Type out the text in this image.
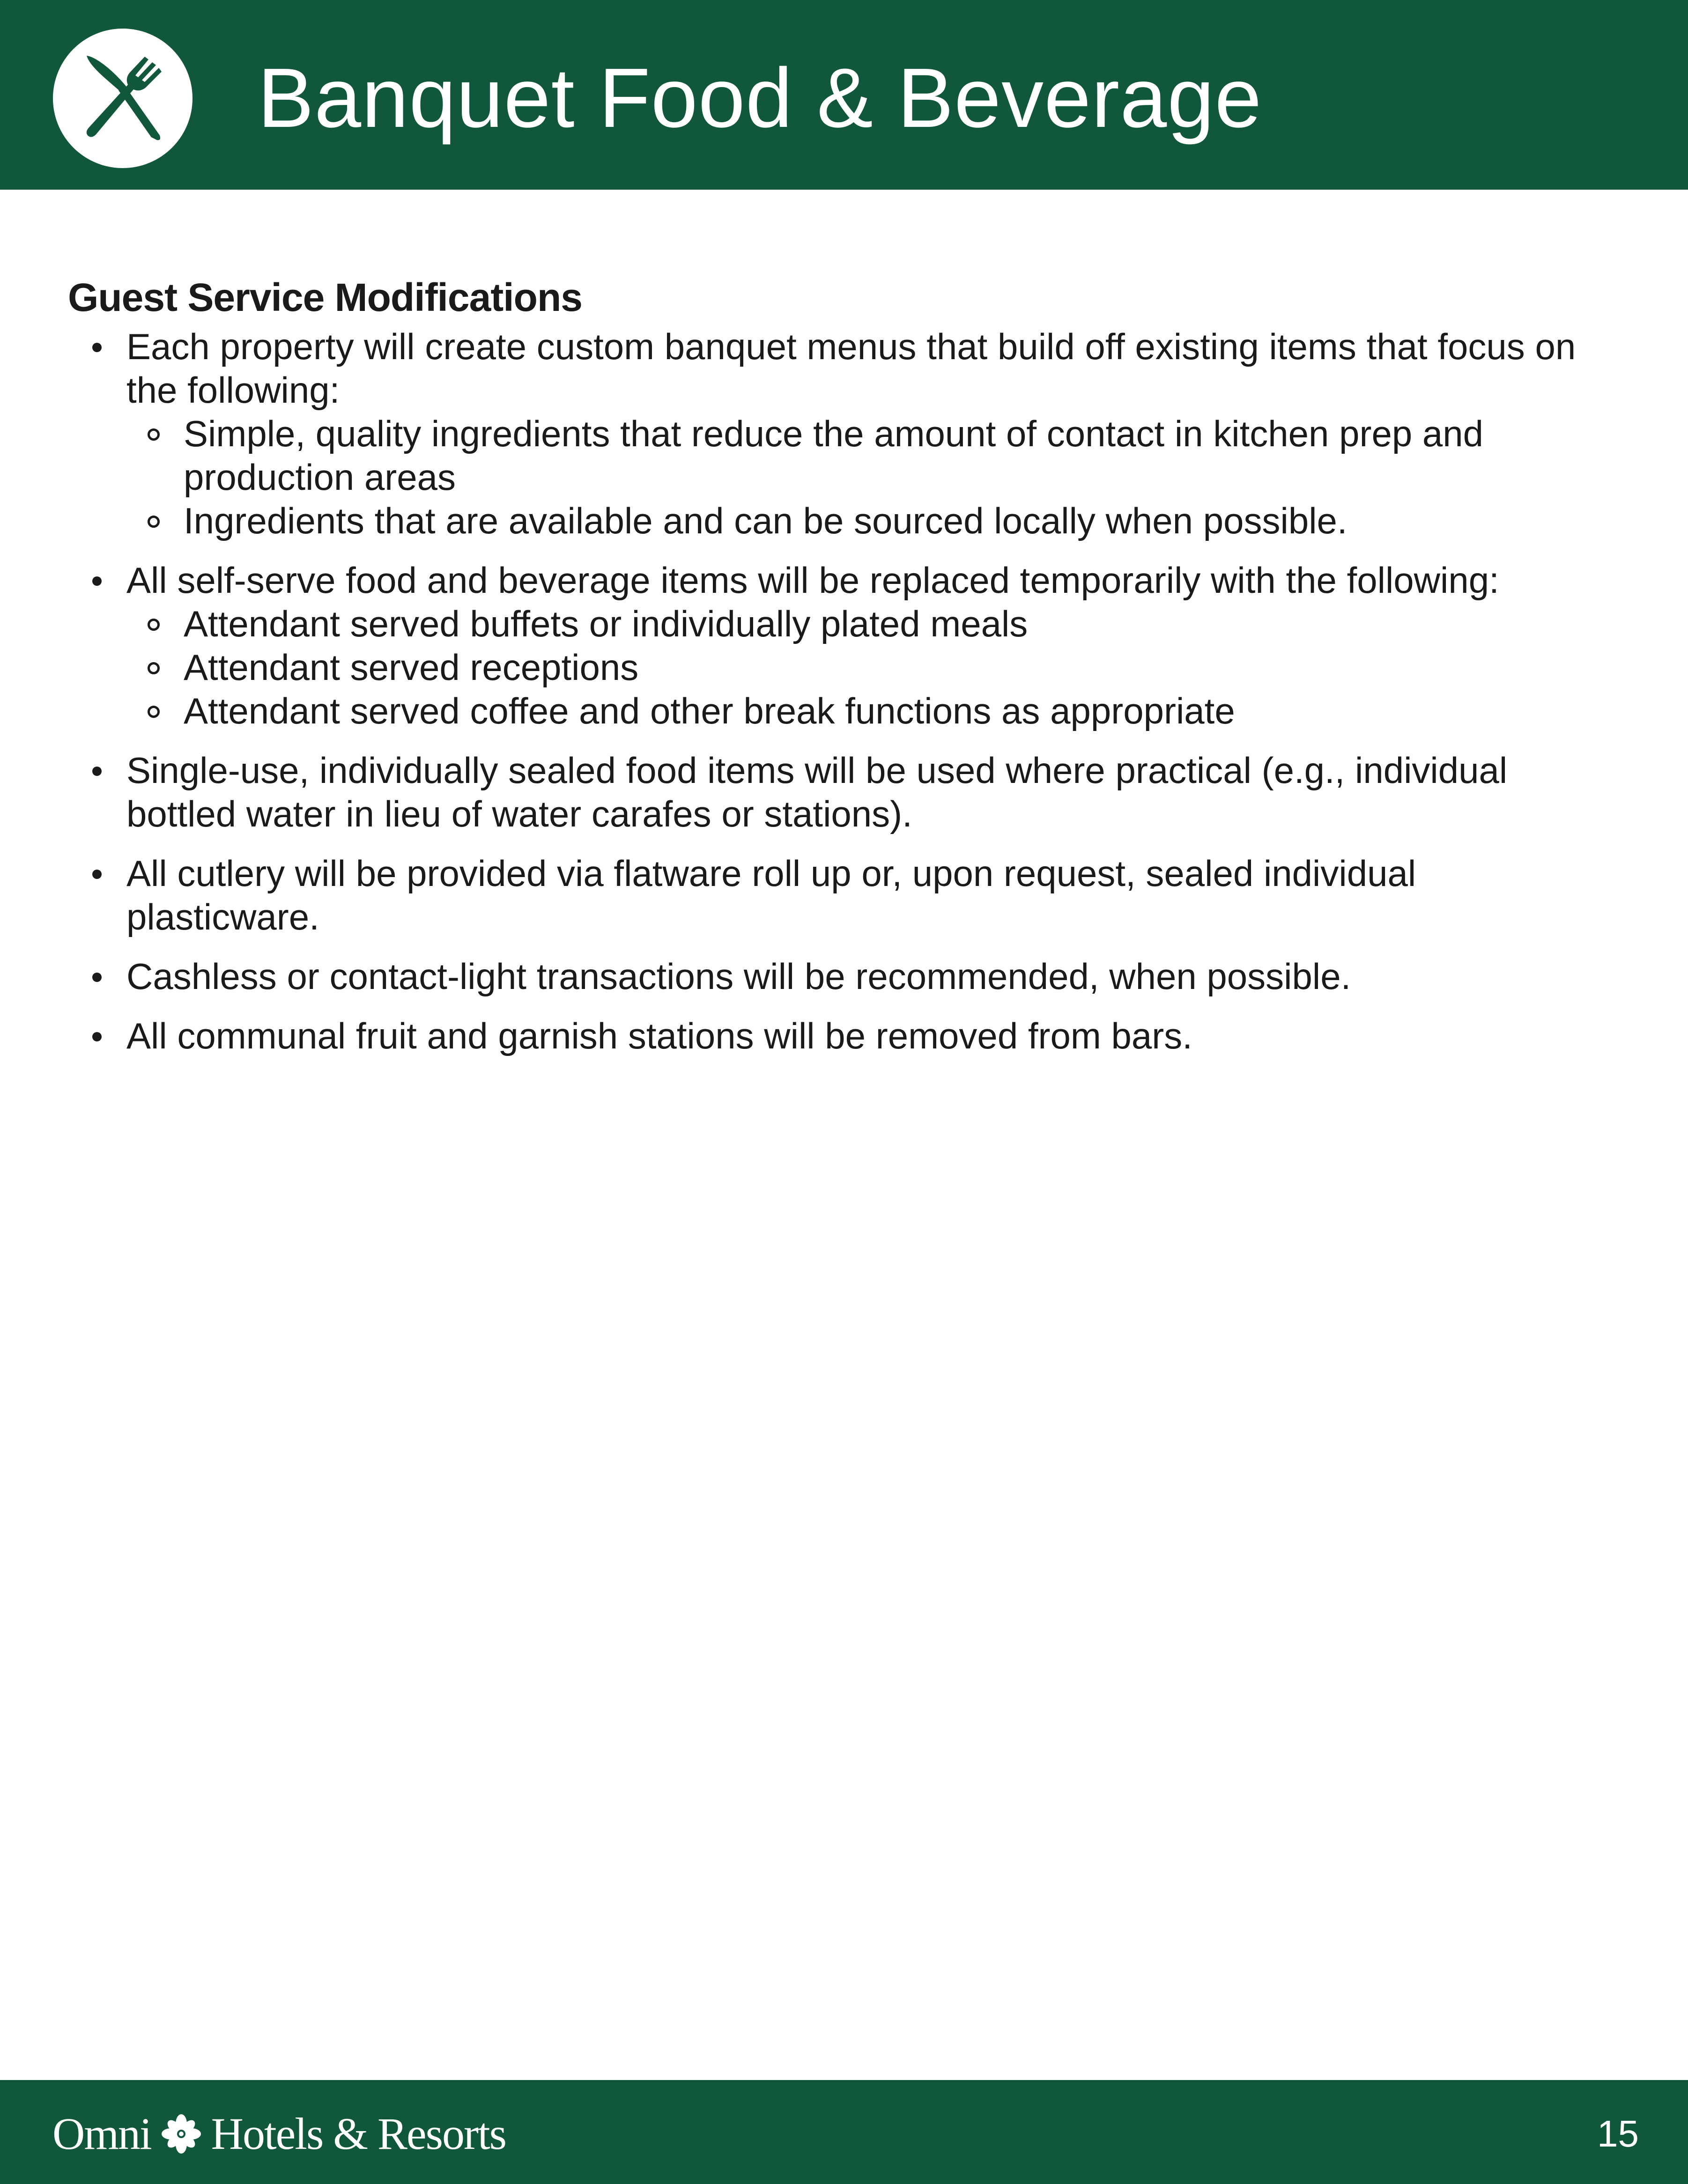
Banquet Food & Beverage
Guest Service Modifications
Each property will create custom banquet menus that build off existing items that focus on the following:
Simple, quality ingredients that reduce the amount of contact in kitchen prep and production areas
Ingredients that are available and can be sourced locally when possible.
All self-serve food and beverage items will be replaced temporarily with the following:
Attendant served buffets or individually plated meals
Attendant served receptions
Attendant served coffee and other break functions as appropriate
Single-use, individually sealed food items will be used where practical (e.g., individual bottled water in lieu of water carafes or stations).
All cutlery will be provided via flatware roll up or, upon request, sealed individual plasticware.
Cashless or contact-light transactions will be recommended, when possible.
All communal fruit and garnish stations will be removed from bars.
Omni Hotels & Resorts	15
